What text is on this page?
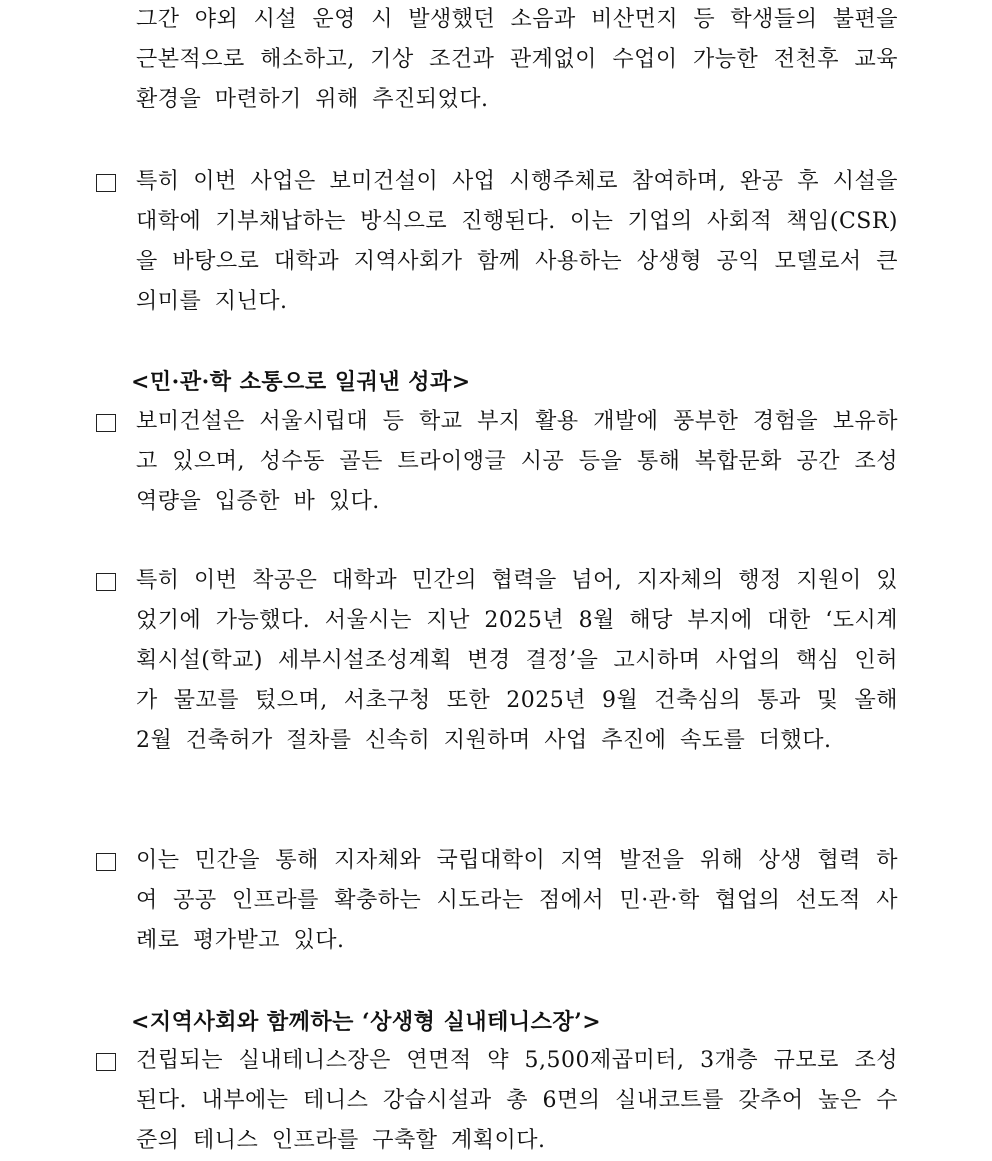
그간 야외 시설 운영 시 발생했던 소음과 비산먼지 등 학생들의 불편을 근본적으로 해소하고, 기상 조건과 관계없이 수업이 가능한 전천후 교육 환경을 마련하기 위해 추진되었다.
특히 이번 사업은 보미건설이 사업 시행주체로 참여하며, 완공 후 시설을 대학에 기부채납하는 방식으로 진행된다. 이는 기업의 사회적 책임(CSR)을 바탕으로 대학과 지역사회가 함께 사용하는 상생형 공익 모델로서 큰 의미를 지닌다.
<민·관·학 소통으로 일궈낸 성과>
보미건설은 서울시립대 등 학교 부지 활용 개발에 풍부한 경험을 보유하고 있으며, 성수동 골든 트라이앵글 시공 등을 통해 복합문화 공간 조성 역량을 입증한 바 있다.
특히 이번 착공은 대학과 민간의 협력을 넘어, 지자체의 행정 지원이 있었기에 가능했다. 서울시는 지난 2025년 8월 해당 부지에 대한 ‘도시계획시설(학교) 세부시설조성계획 변경 결정’을 고시하며 사업의 핵심 인허가 물꼬를 텄으며, 서초구청 또한 2025년 9월 건축심의 통과 및 올해 2월 건축허가 절차를 신속히 지원하며 사업 추진에 속도를 더했다.
이는 민간을 통해 지자체와 국립대학이 지역 발전을 위해 상생 협력 하여 공공 인프라를 확충하는 시도라는 점에서 민·관·학 협업의 선도적 사례로 평가받고 있다.
<지역사회와 함께하는 ‘상생형 실내테니스장’>
건립되는 실내테니스장은 연면적 약 5,500제곱미터, 3개층 규모로 조성된다. 내부에는 테니스 강습시설과 총 6면의 실내코트를 갖추어 높은 수준의 테니스 인프라를 구축할 계획이다.
